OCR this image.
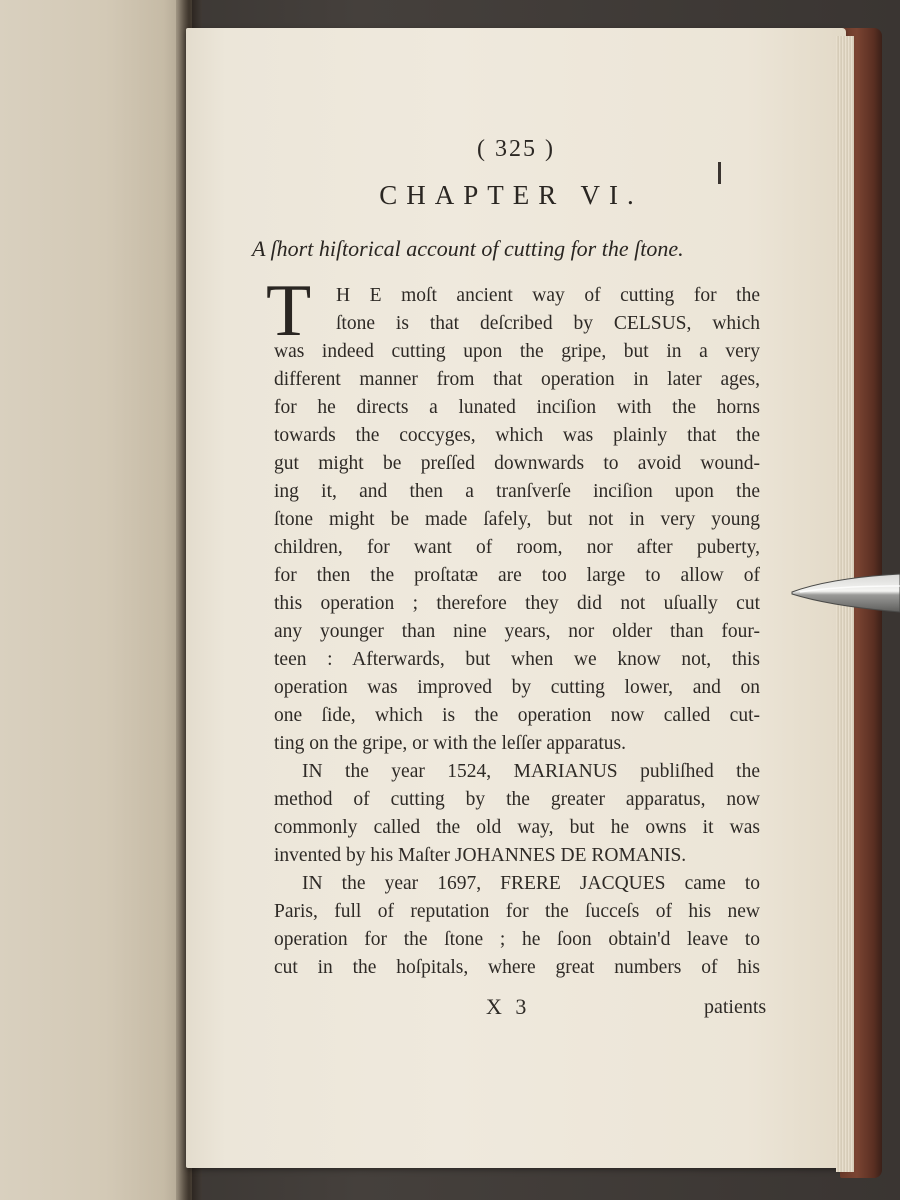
( 325 )
CHAPTER VI.
A ſhort hiſtorical account of cutting for the ſtone.
T	H E moſt ancient way of cutting for the

ſtone is that deſcribed by CELSUS, which

was indeed cutting upon the gripe, but in a very

different manner from that operation in later ages,

for he directs a lunated inciſion with the horns

towards the coccyges, which was plainly that the

gut might be preſſed downwards to avoid wound-

ing it, and then a tranſverſe inciſion upon the

ſtone might be made ſafely, but not in very young

children, for want of room, nor after puberty,

for then the proſtatæ are too large to allow of

this operation ; therefore they did not uſually cut

any younger than nine years, nor older than four-

teen : Afterwards, but when we know not, this

operation was improved by cutting lower, and on

one ſide, which is the operation now called cut-

ting on the gripe, or with the leſſer apparatus.

IN the year 1524, MARIANUS publiſhed the

method of cutting by the greater apparatus, now

commonly called the old way, but he owns it was

invented by his Maſter JOHANNES DE ROMANIS.

IN the year 1697, FRERE JACQUES came to

Paris, full of reputation for the ſucceſs of his new

operation for the ſtone ; he ſoon obtain'd leave to

cut in the hoſpitals, where great numbers of his

X 3	patients
